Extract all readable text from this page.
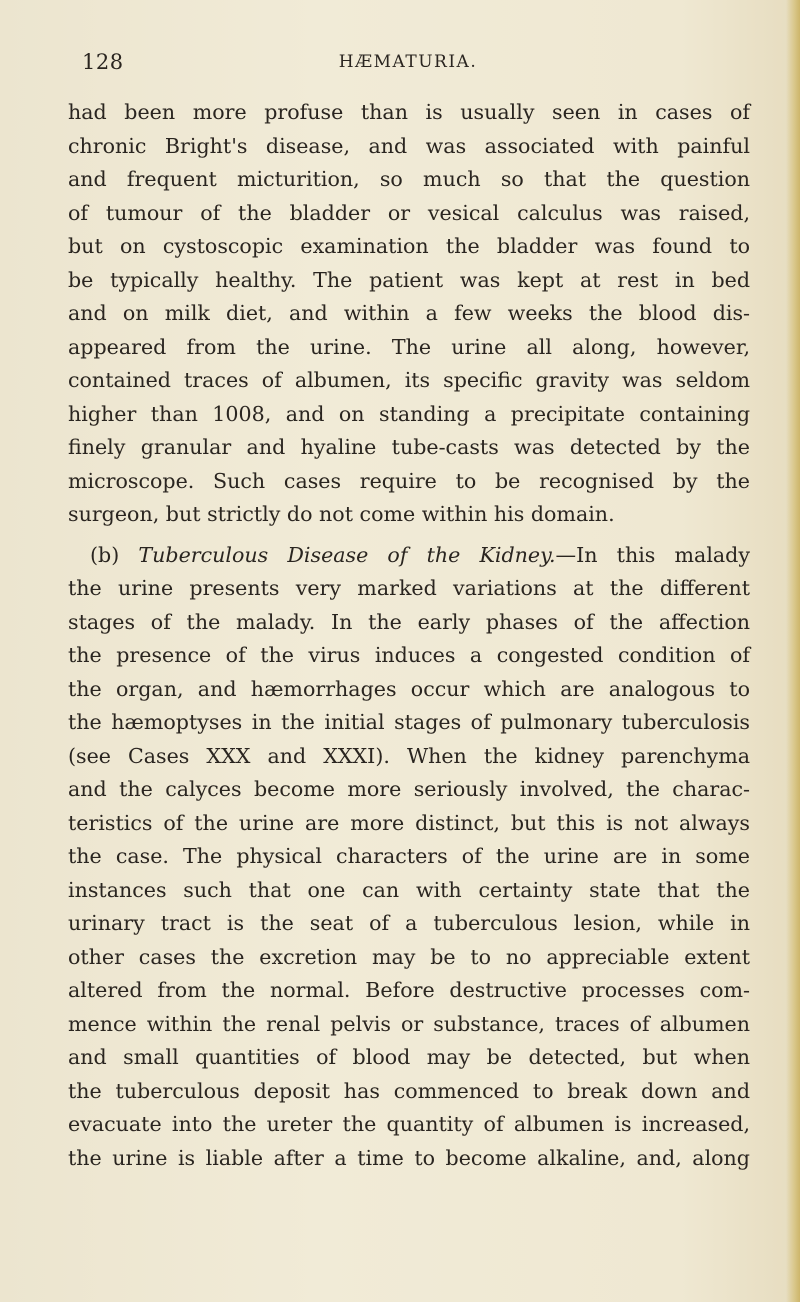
128	HÆMATURIA.
had been more profuse than is usually seen in cases of
chronic Bright's disease, and was associated with painful
and frequent micturition, so much so that the question
of tumour of the bladder or vesical calculus was raised,
but on cystoscopic examination the bladder was found to
be typically healthy. The patient was kept at rest in bed
and on milk diet, and within a few weeks the blood dis-
appeared from the urine. The urine all along, however,
contained traces of albumen, its specific gravity was seldom
higher than 1008, and on standing a precipitate containing
finely granular and hyaline tube-casts was detected by the
microscope. Such cases require to be recognised by the
surgeon, but strictly do not come within his domain.
(b) Tuberculous Disease of the Kidney.—In this malady
the urine presents very marked variations at the different
stages of the malady. In the early phases of the affection
the presence of the virus induces a congested condition of
the organ, and hæmorrhages occur which are analogous to
the hæmoptyses in the initial stages of pulmonary tuberculosis
(see Cases XXX and XXXI). When the kidney parenchyma
and the calyces become more seriously involved, the charac-
teristics of the urine are more distinct, but this is not always
the case. The physical characters of the urine are in some
instances such that one can with certainty state that the
urinary tract is the seat of a tuberculous lesion, while in
other cases the excretion may be to no appreciable extent
altered from the normal. Before destructive processes com-
mence within the renal pelvis or substance, traces of albumen
and small quantities of blood may be detected, but when
the tuberculous deposit has commenced to break down and
evacuate into the ureter the quantity of albumen is increased,
the urine is liable after a time to become alkaline, and, along
